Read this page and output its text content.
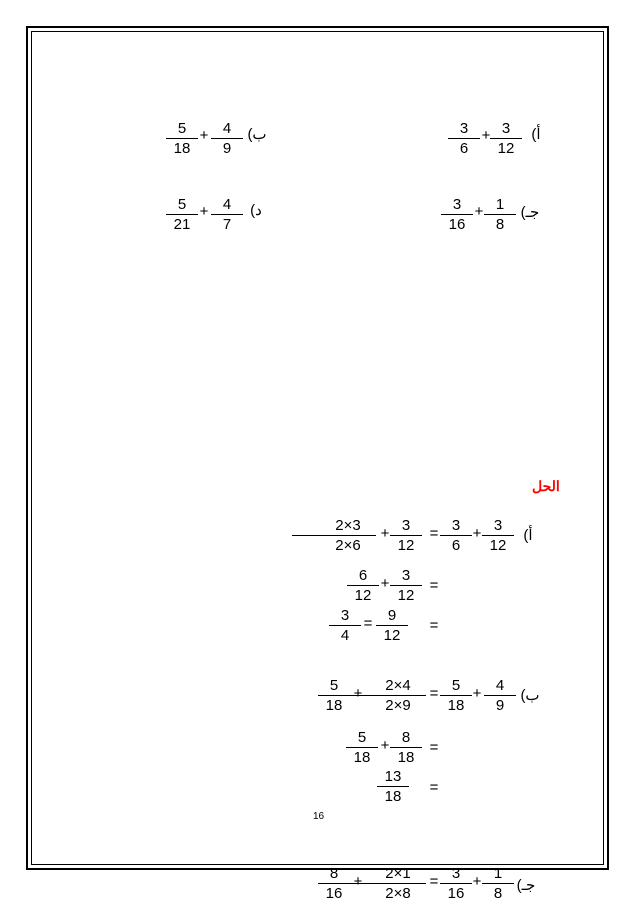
أ)
3
12
+
3
6
ب)
4
9
+
5
18
جـ)
1
8
+
3
16
د)
4
7
+
5
21
الحل
أ)
3
12
+
3
6
=
3
12
+
2×3
2×6
=
3
12
+
6
12
=
9
12
=
3
4
ب)
4
9
+
5
18
=
2×4
2×9
+
5
18
=
8
18
+
5
18
=
13
18
16
جـ)
1
8
+
3
16
=
2×1
2×8
+
8
16
